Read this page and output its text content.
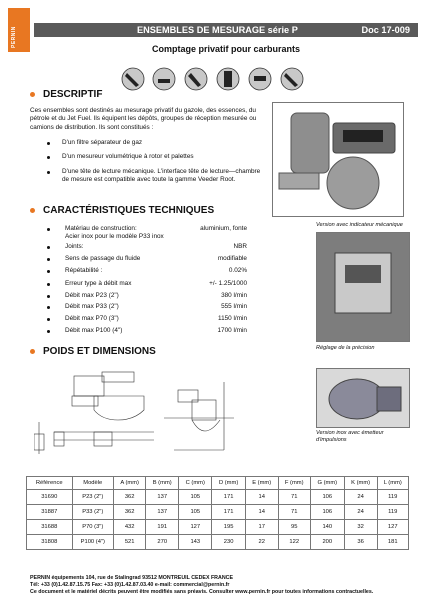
PERNIN	ENSEMBLES DE MESURAGE série P	Doc 17-009
Comptage privatif pour carburants
DESCRIPTIF
Ces ensembles sont destinés au mesurage privatif du gazole, des essences, du pétrole et du Jet Fuel. Ils équipent les dépôts, groupes de réception mesurée ou camions de distribution. Ils sont constitués :
D'un filtre séparateur de gaz
D'un mesureur volumétrique à rotor et palettes
D'une tête de lecture mécanique. L'interface tête de lecture—chambre de mesure est compatible avec toute la gamme Veeder Root.
CARACTÉRISTIQUES TECHNIQUES
Matériau de construction:	aluminium, fonte
Acier inox pour le modèle P33 inox
Joints:	NBR
Sens de passage du fluide	modifiable
Répétabilité :	0.02%
Erreur type à débit max	+/- 1.25/1000
Débit max P23 (2")	380 l/min
Débit max P33 (2")	555 l/min
Débit max P70 (3")	1150 l/min
Débit max P100 (4")	1700 l/min
Version avec indicateur mécanique
Réglage de la précision
Version inox avec émetteur d'impulsions
POIDS ET DIMENSIONS
Référence	Modèle	A (mm)	B (mm)	C (mm)	D (mm)	E (mm)	F (mm)	G (mm)	K (mm)	L (mm)
31690	P23 (2")	362	137	105	171	14	71	106	24	119
31887	P33 (2")	362	137	105	171	14	71	106	24	119
31688	P70 (3")	432	191	127	195	17	95	140	32	127
31808	P100 (4")	521	270	143	230	22	122	200	36	181
PERNIN équipements 104, rue de Stalingrad 93512 MONTREUIL CEDEX FRANCE
Tél: +33 (0)1.42.87.15.75 Fax: +33 (0)1.42.87.03.40 e-mail: commercial@pernin.fr
Ce document et le matériel décrits peuvent être modifiés sans préavis. Consulter www.pernin.fr pour toutes informations contractuelles.
